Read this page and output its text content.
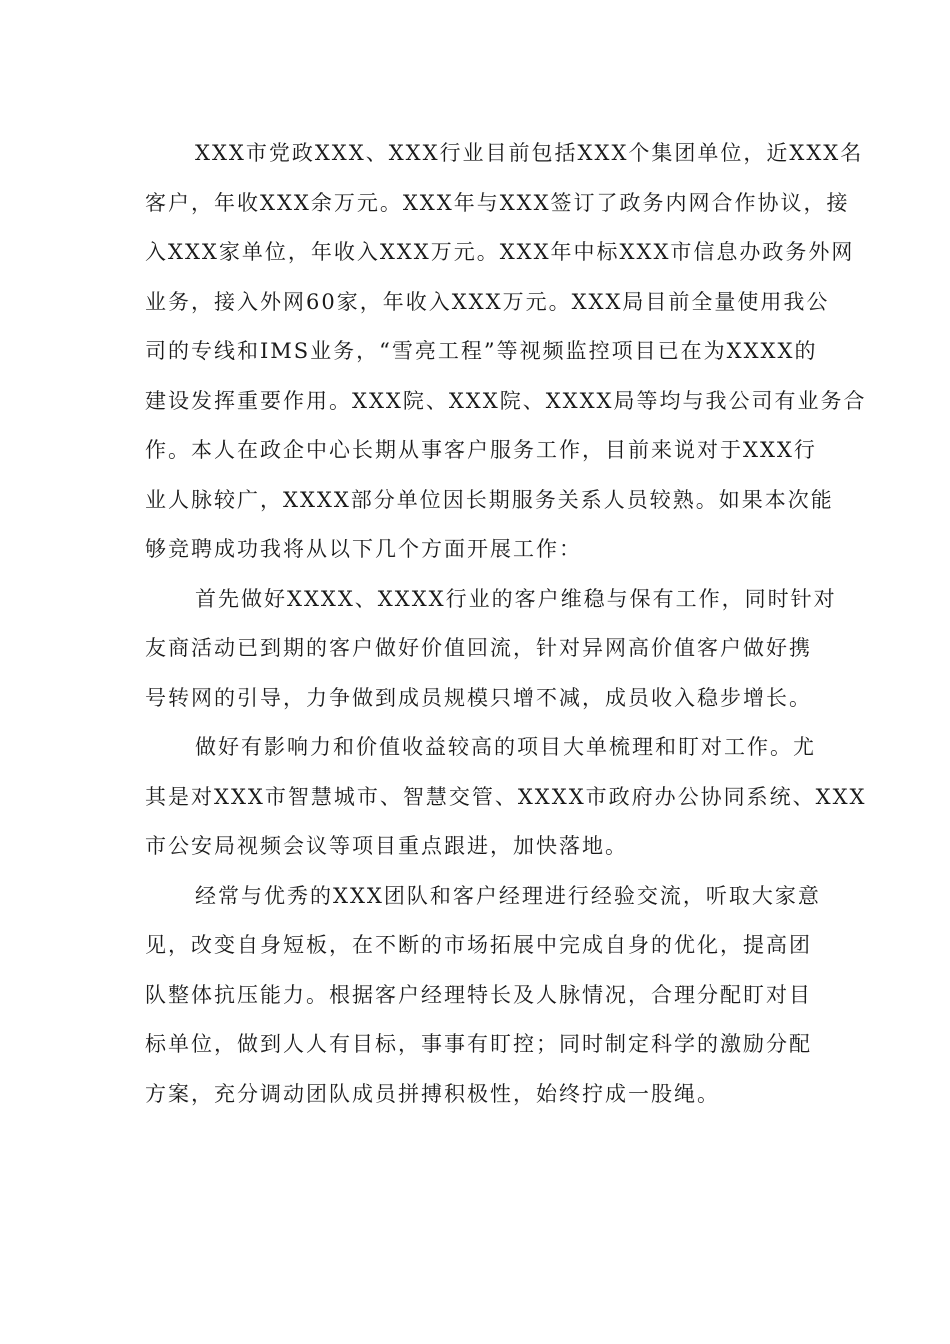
XXX市党政XXX、XXX行业目前包括XXX个集团单位，近XXX名
客户，年收XXX余万元。XXX年与XXX签订了政务内网合作协议，接
入XXX家单位，年收入XXX万元。XXX年中标XXX市信息办政务外网
业务，接入外网60家，年收入XXX万元。XXX局目前全量使用我公
司的专线和IMS业务，“雪亮工程”等视频监控项目已在为XXXX的
建设发挥重要作用。XXX院、XXX院、XXXX局等均与我公司有业务合
作。本人在政企中心长期从事客户服务工作，目前来说对于XXX行
业人脉较广，XXXX部分单位因长期服务关系人员较熟。如果本次能
够竞聘成功我将从以下几个方面开展工作：
首先做好XXXX、XXXX行业的客户维稳与保有工作，同时针对
友商活动已到期的客户做好价值回流，针对异网高价值客户做好携
号转网的引导，力争做到成员规模只增不减，成员收入稳步增长。
做好有影响力和价值收益较高的项目大单梳理和盯对工作。尤
其是对XXX市智慧城市、智慧交管、XXXX市政府办公协同系统、XXX
市公安局视频会议等项目重点跟进，加快落地。
经常与优秀的XXX团队和客户经理进行经验交流，听取大家意
见，改变自身短板，在不断的市场拓展中完成自身的优化，提高团
队整体抗压能力。根据客户经理特长及人脉情况，合理分配盯对目
标单位，做到人人有目标，事事有盯控；同时制定科学的激励分配
方案，充分调动团队成员拼搏积极性，始终拧成一股绳。
